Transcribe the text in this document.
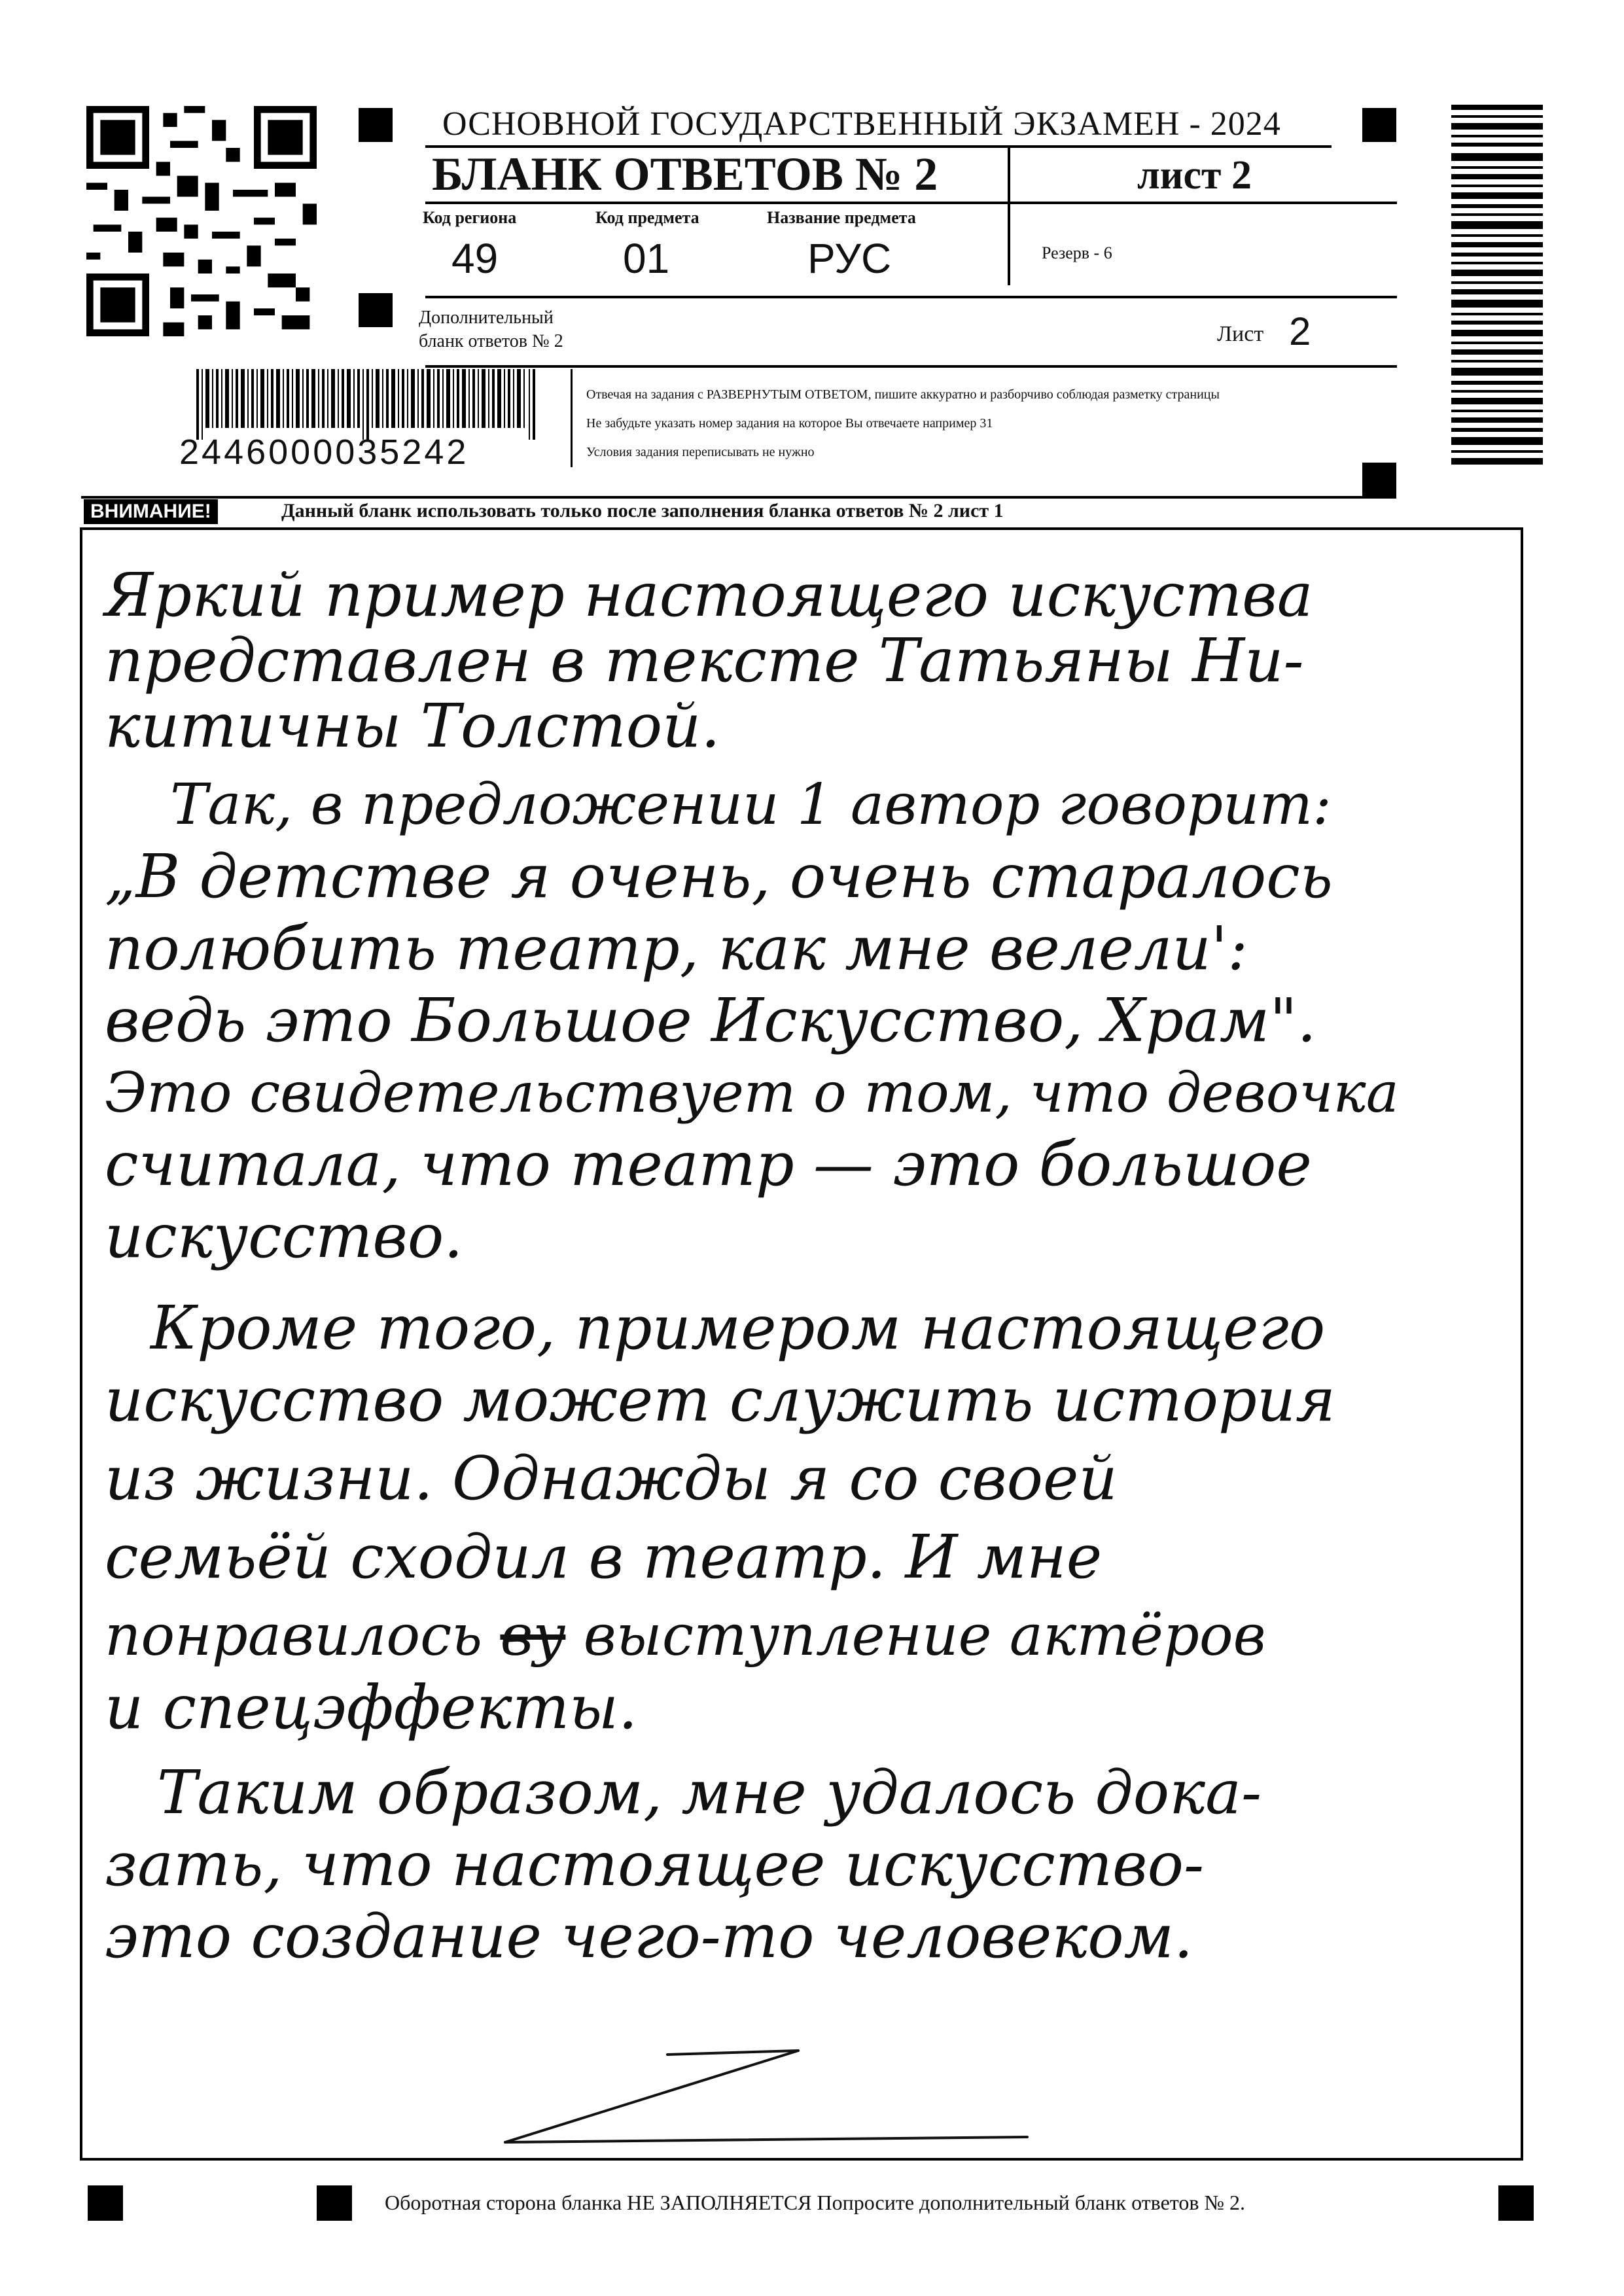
ОСНОВНОЙ ГОСУДАРСТВЕННЫЙ ЭКЗАМЕН - 2024
БЛАНК ОТВЕТОВ № 2	лист 2
Код региона
49
Код предмета
01
Название предмета
РУС	Резерв - 6
Дополнительный
бланк ответов № 2	Лист 2
2446000035242
Отвечая на задания с РАЗВЕРНУТЫМ ОТВЕТОМ, пишите аккуратно и разборчиво соблюдая разметку страницы
Не забудьте указать номер задания на которое Вы отвечаете например 31
Условия задания переписывать не нужно
ВНИМАНИЕ!	Данный бланк использовать только после заполнения бланка ответов № 2 лист 1
Яркий пример настоящего искуства
представлен в тексте Татьяны Ни-
китичны Толстой.
Так, в предложении 1 автор говорит:
„В детстве я очень, очень старалось
полюбить театр, как мне велели':
ведь это Большое Искусство, Храм".
Это свидетельствует о том, что девочка
считала, что театр — это большое
искусство.
Кроме того, примером настоящего
искусство может служить история
из жизни. Однажды я со своей
семьёй сходил в театр. И мне
понравилось ву выступление актёров
и спецэффекты.
Таким образом, мне удалось дока-
зать, что настоящее искусство-
это создание чего-то человеком.
Оборотная сторона бланка НЕ ЗАПОЛНЯЕТСЯ Попросите дополнительный бланк ответов № 2.
